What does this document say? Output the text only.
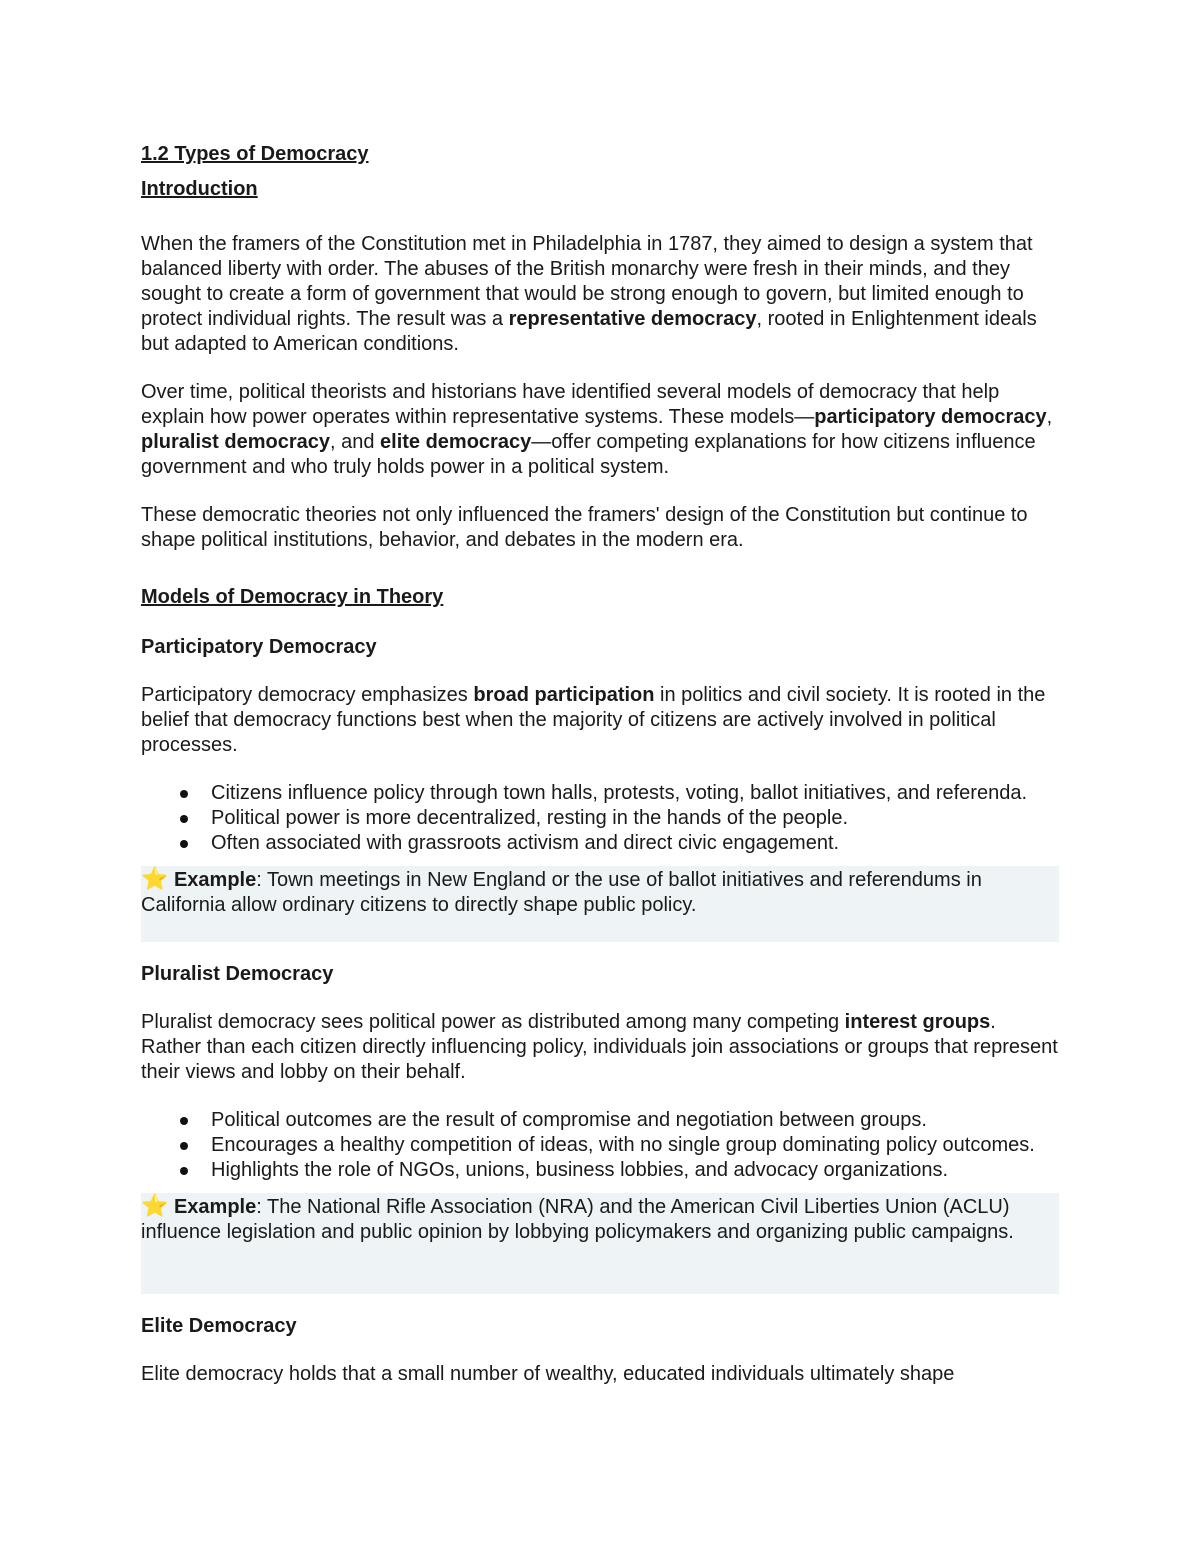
1.2 Types of Democracy
Introduction

When the framers of the Constitution met in Philadelphia in 1787, they aimed to design a system that balanced liberty with order. The abuses of the British monarchy were fresh in their minds, and they sought to create a form of government that would be strong enough to govern, but limited enough to protect individual rights. The result was a representative democracy, rooted in Enlightenment ideals but adapted to American conditions.

Over time, political theorists and historians have identified several models of democracy that help explain how power operates within representative systems. These models—participatory democracy, pluralist democracy, and elite democracy—offer competing explanations for how citizens influence government and who truly holds power in a political system.

These democratic theories not only influenced the framers' design of the Constitution but continue to shape political institutions, behavior, and debates in the modern era.

Models of Democracy in Theory
Participatory Democracy

Participatory democracy emphasizes broad participation in politics and civil society. It is rooted in the belief that democracy functions best when the majority of citizens are actively involved in political processes.

Citizens influence policy through town halls, protests, voting, ballot initiatives, and referenda.
Political power is more decentralized, resting in the hands of the people.
Often associated with grassroots activism and direct civic engagement.
⭐ Example: Town meetings in New England or the use of ballot initiatives and referendums in California allow ordinary citizens to directly shape public policy.
Pluralist Democracy

Pluralist democracy sees political power as distributed among many competing interest groups. Rather than each citizen directly influencing policy, individuals join associations or groups that represent their views and lobby on their behalf.

Political outcomes are the result of compromise and negotiation between groups.
Encourages a healthy competition of ideas, with no single group dominating policy outcomes.
Highlights the role of NGOs, unions, business lobbies, and advocacy organizations.
⭐ Example: The National Rifle Association (NRA) and the American Civil Liberties Union (ACLU) influence legislation and public opinion by lobbying policymakers and organizing public campaigns.
Elite Democracy

Elite democracy holds that a small number of wealthy, educated individuals ultimately shape
